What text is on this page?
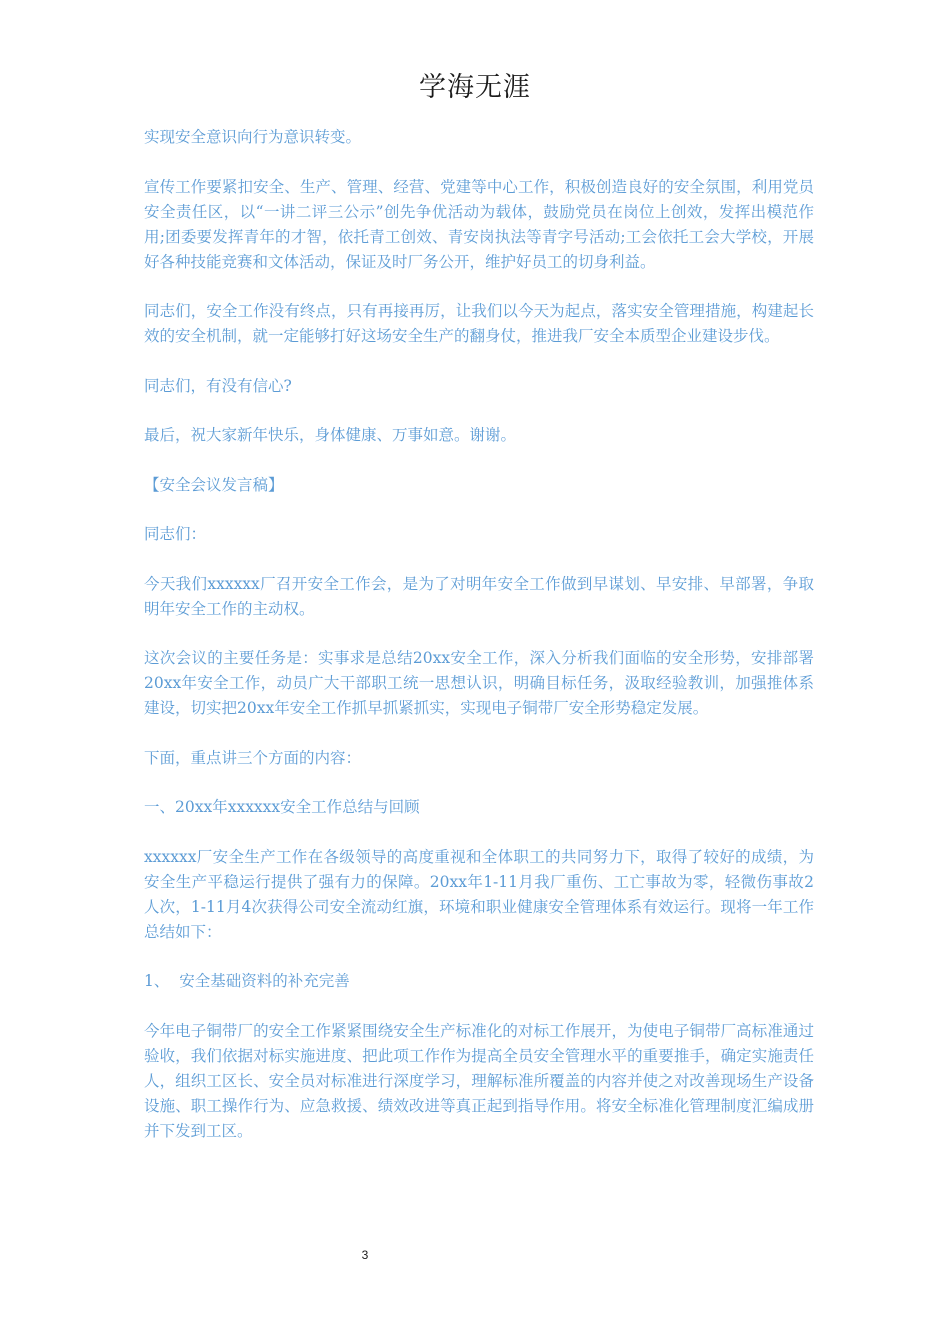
学海无涯

实现安全意识向行为意识转变。

宣传工作要紧扣安全、生产、管理、经营、党建等中心工作，积极创造良好的安全氛围，利用党员安全责任区，以“一讲二评三公示”创先争优活动为载体，鼓励党员在岗位上创效，发挥出模范作用;团委要发挥青年的才智，依托青工创效、青安岗执法等青字号活动;工会依托工会大学校，开展好各种技能竞赛和文体活动，保证及时厂务公开，维护好员工的切身利益。

同志们，安全工作没有终点，只有再接再厉，让我们以今天为起点，落实安全管理措施，构建起长效的安全机制，就一定能够打好这场安全生产的翻身仗，推进我厂安全本质型企业建设步伐。

同志们，有没有信心?

最后，祝大家新年快乐，身体健康、万事如意。谢谢。

【安全会议发言稿】

同志们：

今天我们xxxxxx厂召开安全工作会，是为了对明年安全工作做到早谋划、早安排、早部署，争取明年安全工作的主动权。

这次会议的主要任务是：实事求是总结20xx安全工作，深入分析我们面临的安全形势，安排部署20xx年安全工作，动员广大干部职工统一思想认识，明确目标任务，汲取经验教训，加强推体系建设，切实把20xx年安全工作抓早抓紧抓实，实现电子铜带厂安全形势稳定发展。

下面，重点讲三个方面的内容：

一、20xx年xxxxxx安全工作总结与回顾

xxxxxx厂安全生产工作在各级领导的高度重视和全体职工的共同努力下，取得了较好的成绩，为安全生产平稳运行提供了强有力的保障。20xx年1-11月我厂重伤、工亡事故为零，轻微伤事故2人次，1-11月4次获得公司安全流动红旗，环境和职业健康安全管理体系有效运行。现将一年工作总结如下：

1、  安全基础资料的补充完善

今年电子铜带厂的安全工作紧紧围绕安全生产标准化的对标工作展开，为使电子铜带厂高标准通过验收，我们依据对标实施进度、把此项工作作为提高全员安全管理水平的重要推手，确定实施责任人，组织工区长、安全员对标准进行深度学习，理解标准所覆盖的内容并使之对改善现场生产设备设施、职工操作行为、应急救援、绩效改进等真正起到指导作用。将安全标准化管理制度汇编成册并下发到工区。

3
